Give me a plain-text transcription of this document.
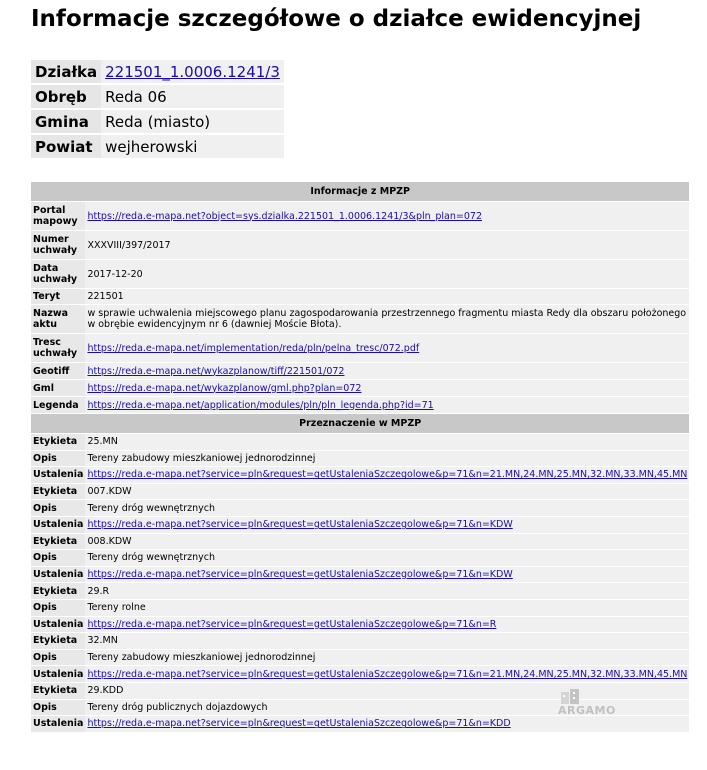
Informacje szczegółowe o działce ewidencyjnej
Działka	221501_1.0006.1241/3
Obręb	Reda 06
Gmina	Reda (miasto)
Powiat	wejherowski
Informacje z MPZP	
Portal mapowy	https://reda.e-mapa.net?object=sys.dzialka.221501_1.0006.1241/3&pln_plan=072
Numer uchwały	XXXVIII/397/2017
Data uchwały	2017-12-20
Teryt	221501
Nazwa aktu	w sprawie uchwalenia miejscowego planu zagospodarowania przestrzennego fragmentu miasta Redy dla obszaru położonego w obrębie ewidencyjnym nr 6 (dawniej Moście Błota).
Tresc uchwały	https://reda.e-mapa.net/implementation/reda/pln/pelna_tresc/072.pdf
Geotiff	https://reda.e-mapa.net/wykazplanow/tiff/221501/072
Gml	https://reda.e-mapa.net/wykazplanow/gml.php?plan=072
Legenda	https://reda.e-mapa.net/application/modules/pln/pln_legenda.php?id=71
Przeznaczenie w MPZP	
Etykieta	25.MN
Opis	Tereny zabudowy mieszkaniowej jednorodzinnej
Ustalenia	https://reda.e-mapa.net?service=pln&request=getUstaleniaSzczegolowe&p=71&n=21.MN,24.MN,25.MN,32.MN,33.MN,45.MN
Etykieta	007.KDW
Opis	Tereny dróg wewnętrznych
Ustalenia	https://reda.e-mapa.net?service=pln&request=getUstaleniaSzczegolowe&p=71&n=KDW
Etykieta	008.KDW
Opis	Tereny dróg wewnętrznych
Ustalenia	https://reda.e-mapa.net?service=pln&request=getUstaleniaSzczegolowe&p=71&n=KDW
Etykieta	29.R
Opis	Tereny rolne
Ustalenia	https://reda.e-mapa.net?service=pln&request=getUstaleniaSzczegolowe&p=71&n=R
Etykieta	32.MN
Opis	Tereny zabudowy mieszkaniowej jednorodzinnej
Ustalenia	https://reda.e-mapa.net?service=pln&request=getUstaleniaSzczegolowe&p=71&n=21.MN,24.MN,25.MN,32.MN,33.MN,45.MN
Etykieta	29.KDD
Opis	Tereny dróg publicznych dojazdowych
Ustalenia	https://reda.e-mapa.net?service=pln&request=getUstaleniaSzczegolowe&p=71&n=KDD
ARGAMO
